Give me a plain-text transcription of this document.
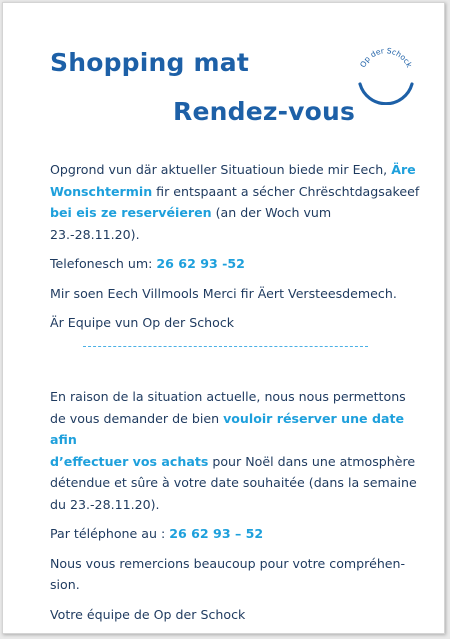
Shopping mat
Rendez-vous
Op der Schock

Opgrond vun där aktueller Situatioun biede mir Eech, Äre
Wonschtermin fir entspaant a sécher Chrëschtdagsakeef
bei eis ze reservéieren (an der Woch vum 23.-28.11.20).

Telefonesch um: 26 62 93 -52

Mir soen Eech Villmools Merci fir Äert Versteesdemech.

Är Equipe vun Op der Schock

En raison de la situation actuelle, nous nous permettons
de vous demander de bien vouloir réserver une date afin
d’effectuer vos achats pour Noël dans une atmosphère
détendue et sûre à votre date souhaitée (dans la semaine
du 23.-28.11.20).

Par téléphone au : 26 62 93 – 52

Nous vous remercions beaucoup pour votre compréhen-
sion.

Votre équipe de Op der Schock
